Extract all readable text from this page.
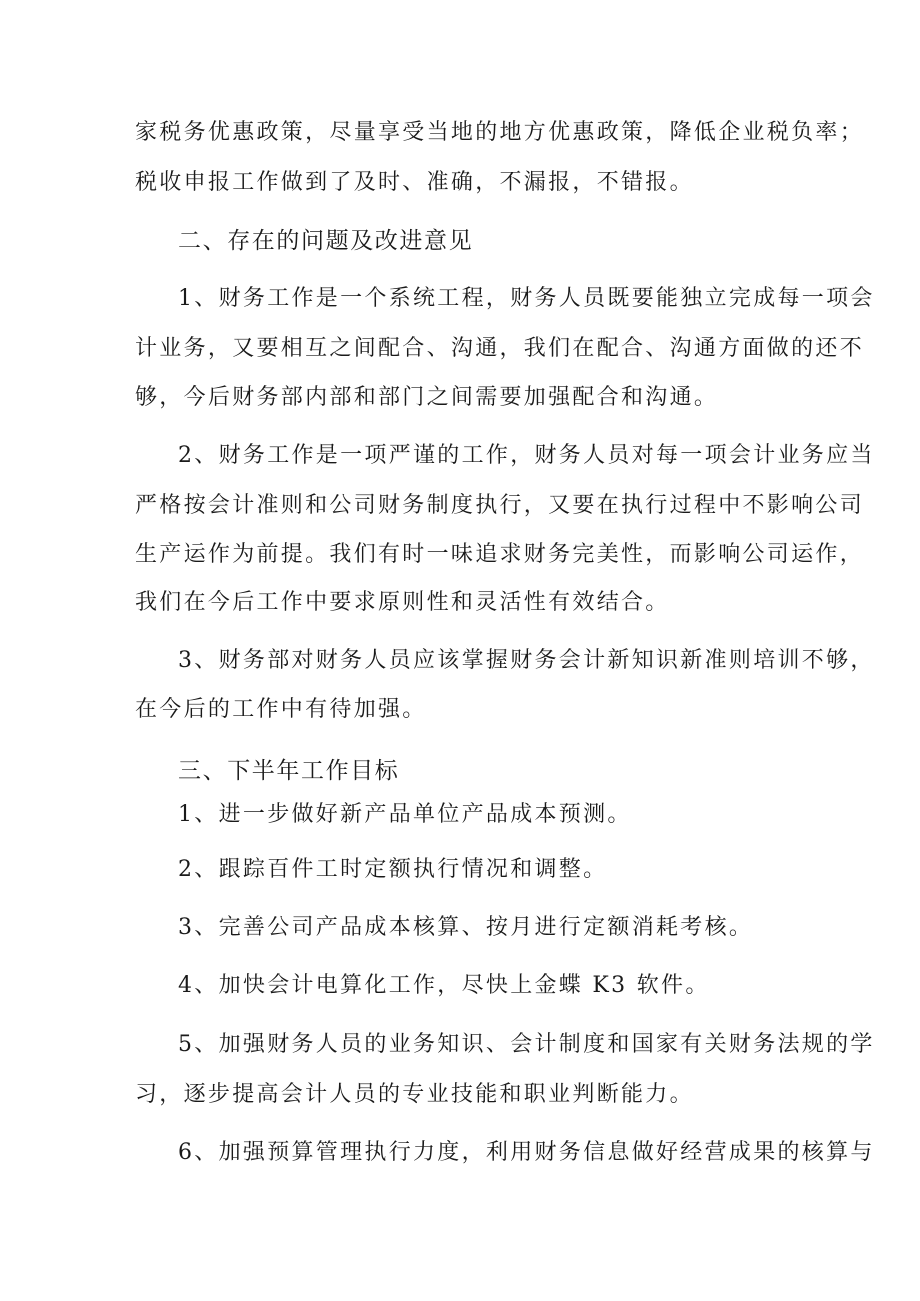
家税务优惠政策，尽量享受当地的地方优惠政策，降低企业税负率；
税收申报工作做到了及时、准确，不漏报，不错报。
二、存在的问题及改进意见
1、财务工作是一个系统工程，财务人员既要能独立完成每一项会
计业务，又要相互之间配合、沟通，我们在配合、沟通方面做的还不
够，今后财务部内部和部门之间需要加强配合和沟通。
2、财务工作是一项严谨的工作，财务人员对每一项会计业务应当
严格按会计准则和公司财务制度执行，又要在执行过程中不影响公司
生产运作为前提。我们有时一味追求财务完美性，而影响公司运作，
我们在今后工作中要求原则性和灵活性有效结合。
3、财务部对财务人员应该掌握财务会计新知识新准则培训不够，
在今后的工作中有待加强。
三、下半年工作目标
1、进一步做好新产品单位产品成本预测。
2、跟踪百件工时定额执行情况和调整。
3、完善公司产品成本核算、按月进行定额消耗考核。
4、加快会计电算化工作，尽快上金蝶 K3 软件。
5、加强财务人员的业务知识、会计制度和国家有关财务法规的学
习，逐步提高会计人员的专业技能和职业判断能力。
6、加强预算管理执行力度，利用财务信息做好经营成果的核算与
